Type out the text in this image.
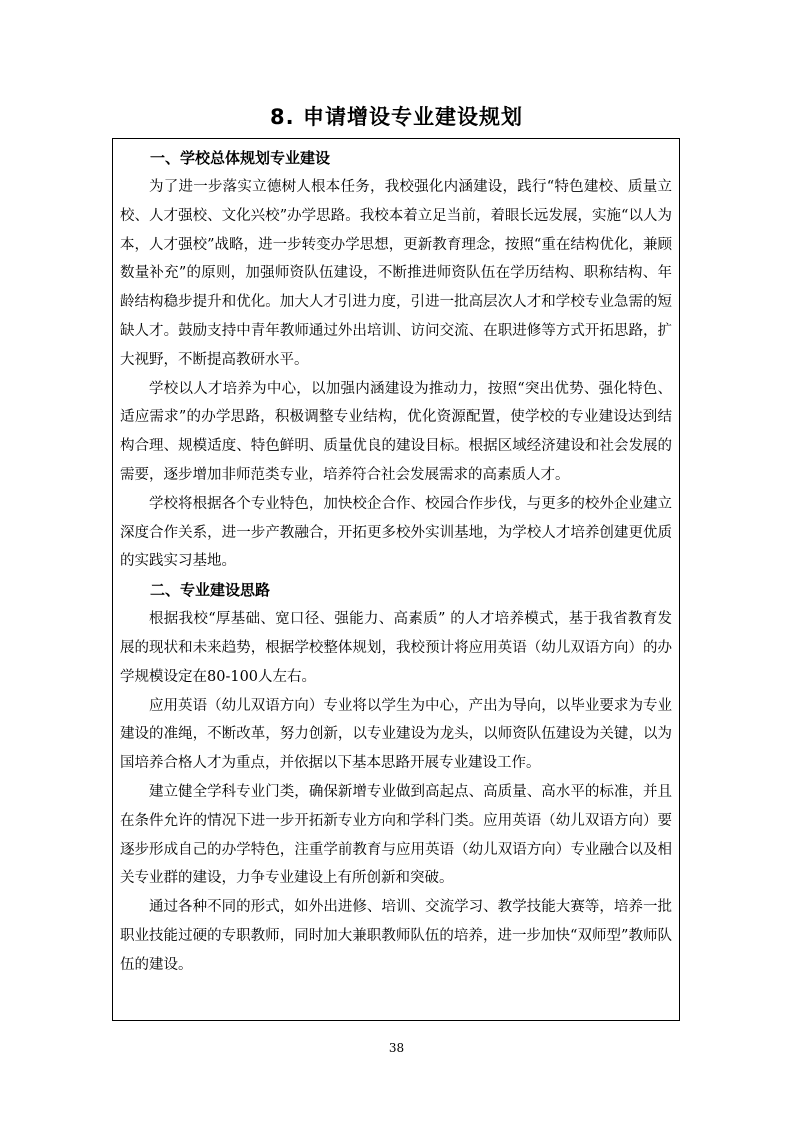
8. 申请增设专业建设规划
一、学校总体规划专业建设

为了进一步落实立德树人根本任务，我校强化内涵建设，践行“特色建校、质量立校、人才强校、文化兴校”办学思路。我校本着立足当前，着眼长远发展，实施“以人为本，人才强校”战略，进一步转变办学思想，更新教育理念，按照“重在结构优化，兼顾数量补充”的原则，加强师资队伍建设，不断推进师资队伍在学历结构、职称结构、年龄结构稳步提升和优化。加大人才引进力度，引进一批高层次人才和学校专业急需的短缺人才。鼓励支持中青年教师通过外出培训、访问交流、在职进修等方式开拓思路，扩大视野，不断提高教研水平。

学校以人才培养为中心，以加强内涵建设为推动力，按照“突出优势、强化特色、适应需求”的办学思路，积极调整专业结构，优化资源配置，使学校的专业建设达到结构合理、规模适度、特色鲜明、质量优良的建设目标。根据区域经济建设和社会发展的需要，逐步增加非师范类专业，培养符合社会发展需求的高素质人才。

学校将根据各个专业特色，加快校企合作、校园合作步伐，与更多的校外企业建立深度合作关系，进一步产教融合，开拓更多校外实训基地，为学校人才培养创建更优质的实践实习基地。

二、专业建设思路

根据我校“厚基础、宽口径、强能力、高素质” 的人才培养模式，基于我省教育发展的现状和未来趋势，根据学校整体规划，我校预计将应用英语（幼儿双语方向）的办学规模设定在80-100人左右。

应用英语（幼儿双语方向）专业将以学生为中心，产出为导向，以毕业要求为专业建设的准绳，不断改革，努力创新，以专业建设为龙头，以师资队伍建设为关键，以为国培养合格人才为重点，并依据以下基本思路开展专业建设工作。

建立健全学科专业门类，确保新增专业做到高起点、高质量、高水平的标准，并且在条件允许的情况下进一步开拓新专业方向和学科门类。应用英语（幼儿双语方向）要逐步形成自己的办学特色，注重学前教育与应用英语（幼儿双语方向）专业融合以及相关专业群的建设，力争专业建设上有所创新和突破。

通过各种不同的形式，如外出进修、培训、交流学习、教学技能大赛等，培养一批职业技能过硬的专职教师，同时加大兼职教师队伍的培养，进一步加快“双师型”教师队伍的建设。

38
